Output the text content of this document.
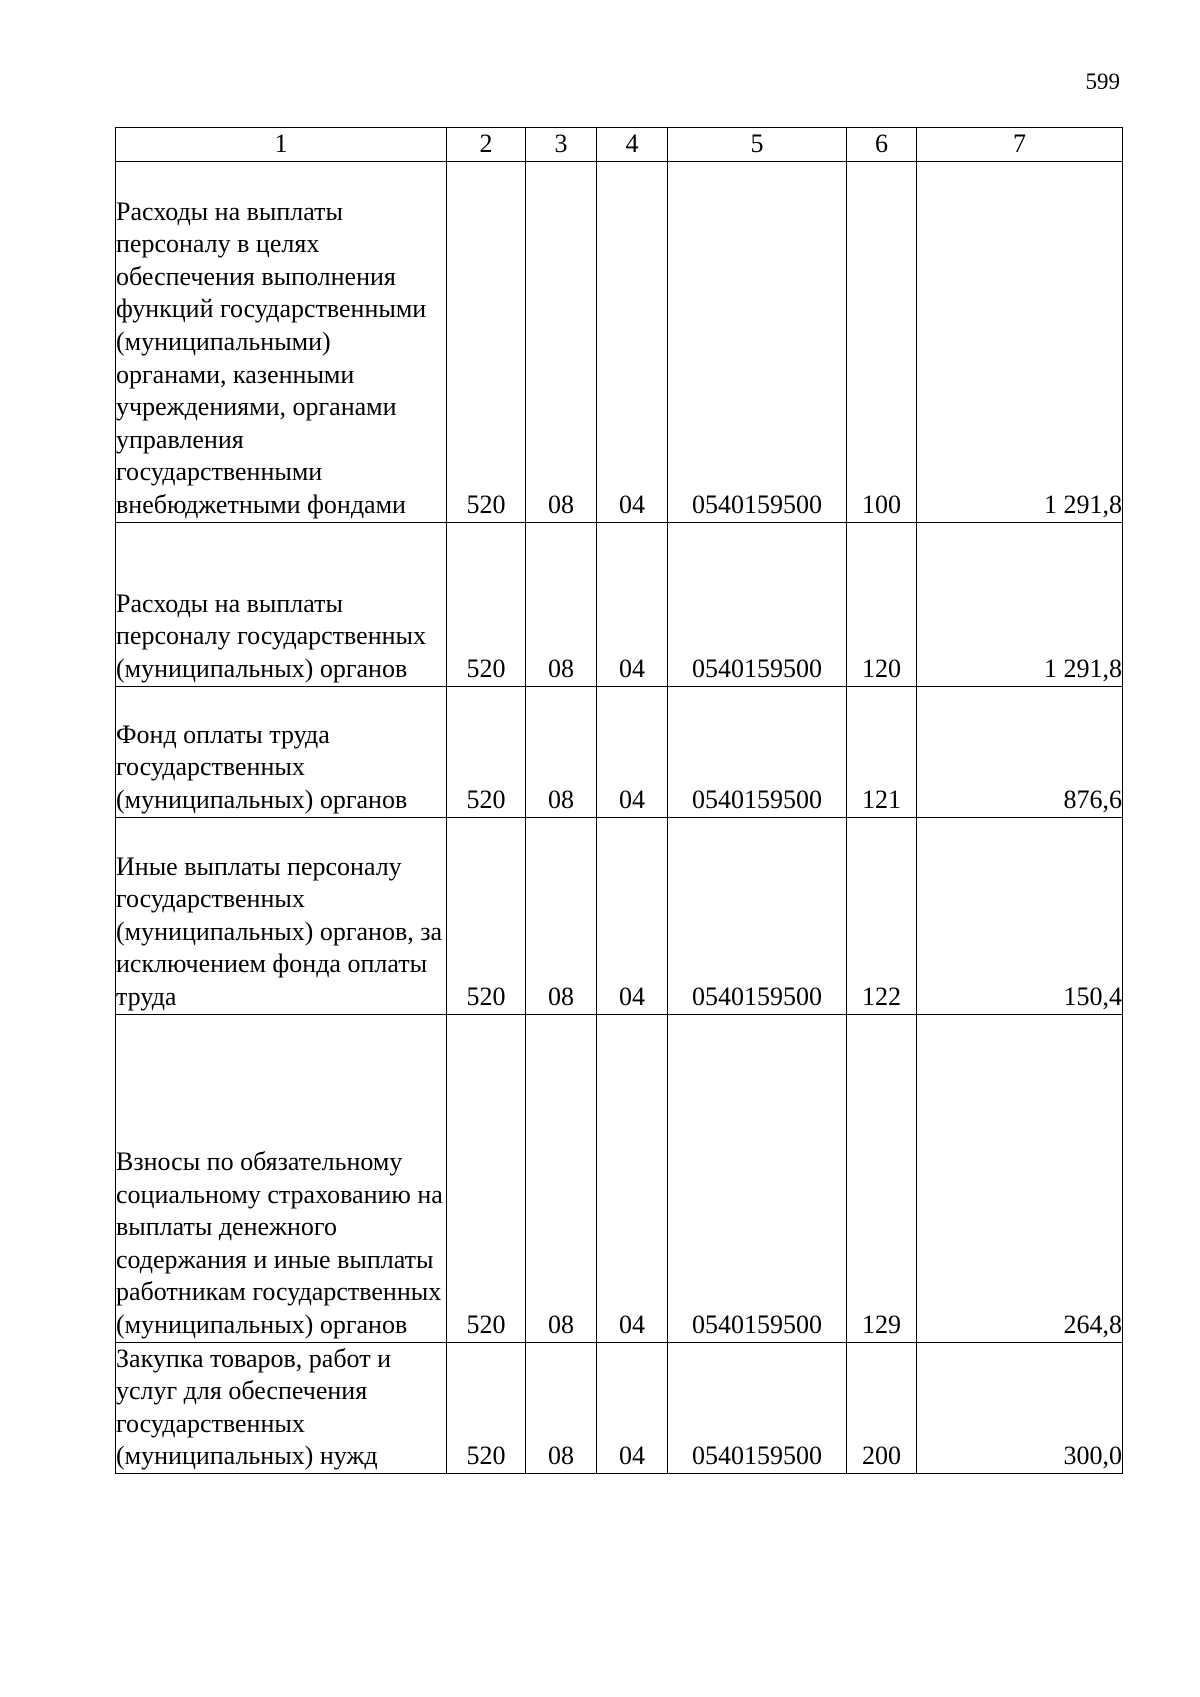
599
1	2	3	4	5	6	7

Расходы на выплаты персоналу в целях обеспечения выполнения функций государственными (муниципальными) органами, казенными учреждениями, органами управления государственными внебюджетными фондами	520	08	04	0540159500	100	1 291,8

Расходы на выплаты персоналу государственных (муниципальных) органов	520	08	04	0540159500	120	1 291,8

Фонд оплаты труда государственных (муниципальных) органов	520	08	04	0540159500	121	876,6

Иные выплаты персоналу государственных (муниципальных) органов, за исключением фонда оплаты труда	520	08	04	0540159500	122	150,4

Взносы по обязательному социальному страхованию на выплаты денежного содержания и иные выплаты работникам государственных (муниципальных) органов	520	08	04	0540159500	129	264,8

Закупка товаров, работ и услуг для обеспечения государственных (муниципальных) нужд	520	08	04	0540159500	200	300,0
